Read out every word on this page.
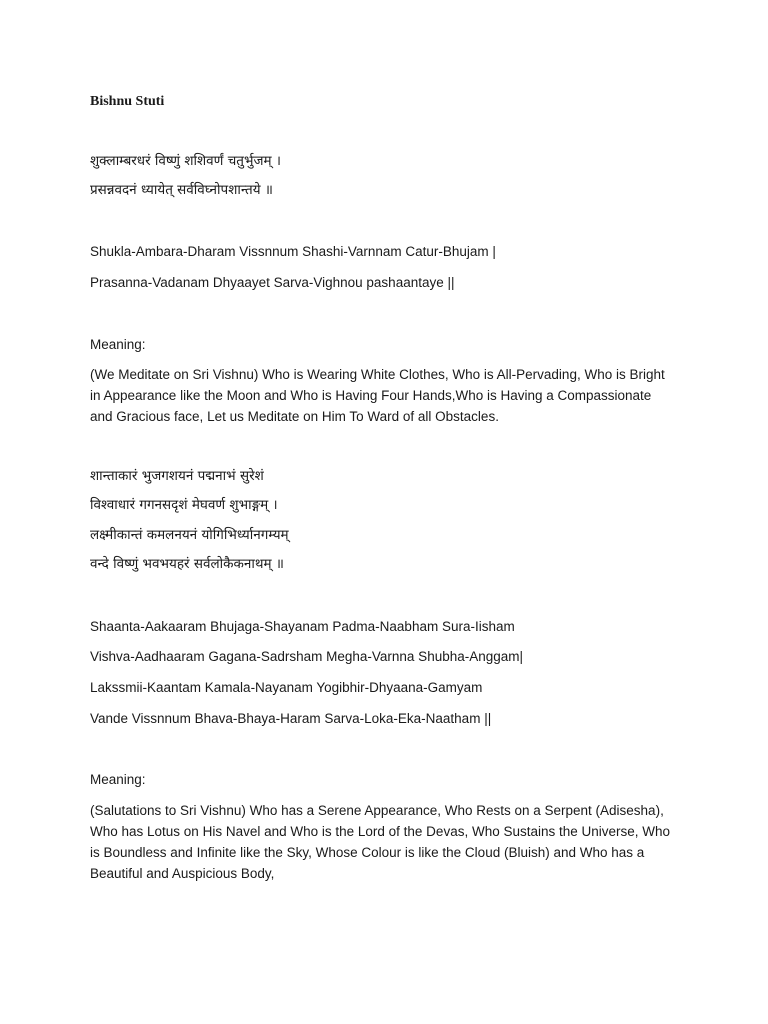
Bishnu Stuti
शुक्लाम्बरधरं विष्णुं शशिवर्णं चतुर्भुजम् ।
प्रसन्नवदनं ध्यायेत् सर्वविघ्नोपशान्तये ॥
Shukla-Ambara-Dharam Vissnnum Shashi-Varnnam Catur-Bhujam |
Prasanna-Vadanam Dhyaayet Sarva-Vighnou pashaantaye ||
Meaning:
(We Meditate on Sri Vishnu) Who is Wearing White Clothes, Who is All-Pervading, Who is Bright
in Appearance like the Moon and Who is Having Four Hands,Who is Having a Compassionate
and Gracious face, Let us Meditate on Him To Ward of all Obstacles.
शान्ताकारं भुजगशयनं पद्मनाभं सुरेशं
विश्वाधारं गगनसदृशं मेघवर्ण शुभाङ्गम् ।
लक्ष्मीकान्तं कमलनयनं योगिभिर्ध्यानगम्यम्
वन्दे विष्णुं भवभयहरं सर्वलोकैकनाथम् ॥
Shaanta-Aakaaram Bhujaga-Shayanam Padma-Naabham Sura-Iisham
Vishva-Aadhaaram Gagana-Sadrsham Megha-Varnna Shubha-Anggam|
Lakssmii-Kaantam Kamala-Nayanam Yogibhir-Dhyaana-Gamyam
Vande Vissnnum Bhava-Bhaya-Haram Sarva-Loka-Eka-Naatham ||
Meaning:
(Salutations to Sri Vishnu) Who has a Serene Appearance, Who Rests on a Serpent (Adisesha),
Who has Lotus on His Navel and Who is the Lord of the Devas, Who Sustains the Universe, Who
is Boundless and Infinite like the Sky, Whose Colour is like the Cloud (Bluish) and Who has a
Beautiful and Auspicious Body,
